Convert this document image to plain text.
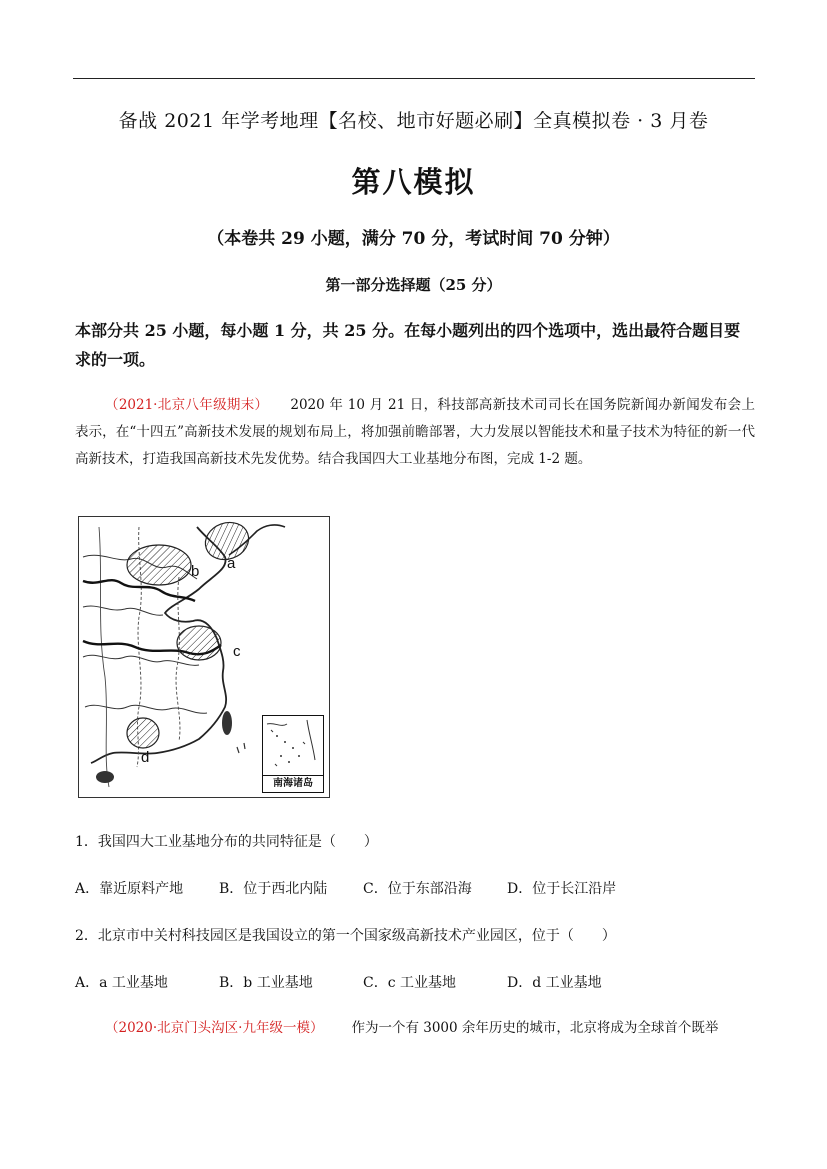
备战 2021 年学考地理【名校、地市好题必刷】全真模拟卷 · 3 月卷
第八模拟
（本卷共 29 小题，满分 70 分，考试时间 70 分钟）
第一部分选择题（25 分）
本部分共 25 小题，每小题 1 分，共 25 分。在每小题列出的四个选项中，选出最符合题目要求的一项。
（2021·北京八年级期末） 2020 年 10 月 21 日，科技部高新技术司司长在国务院新闻办新闻发布会上表示，在“十四五”高新技术发展的规划布局上，将加强前瞻部署，大力发展以智能技术和量子技术为特征的新一代高新技术，打造我国高新技术先发优势。结合我国四大工业基地分布图，完成 1-2 题。
a
b
c
d
南海诸岛
1．我国四大工业基地分布的共同特征是（　　）
A．靠近原料产地	B．位于西北内陆	C．位于东部沿海	D．位于长江沿岸
2．北京市中关村科技园区是我国设立的第一个国家级高新技术产业园区，位于（　　）
A．a 工业基地	B．b 工业基地	C．c 工业基地	D．d 工业基地
（2020·北京门头沟区·九年级一模） 作为一个有 3000 余年历史的城市，北京将成为全球首个既举
